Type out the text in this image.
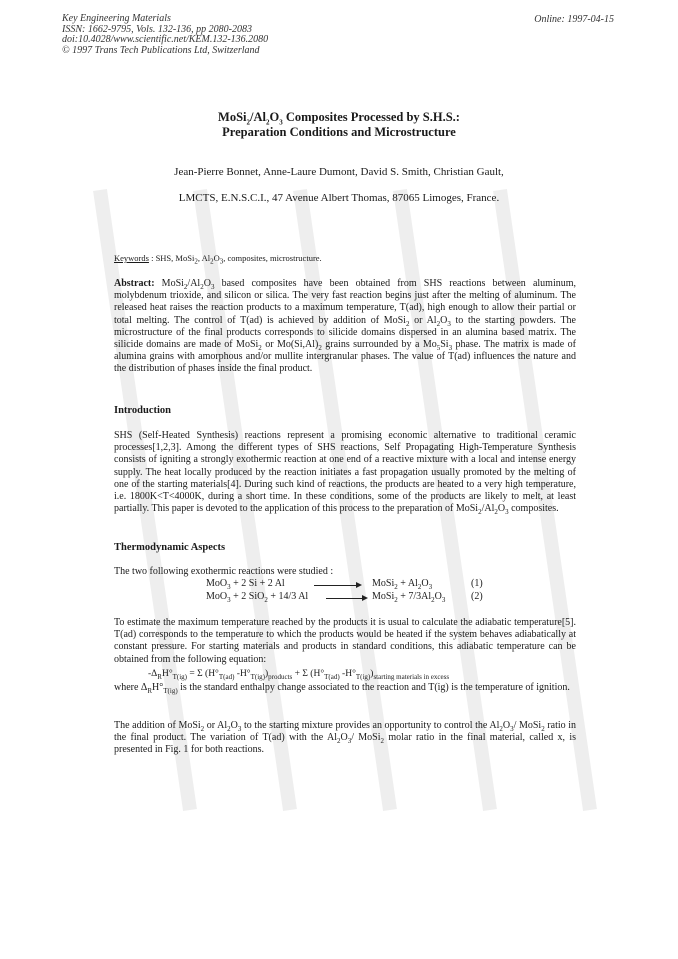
Key Engineering Materials
ISSN: 1662-9795, Vols. 132-136, pp 2080-2083
doi:10.4028/www.scientific.net/KEM.132-136.2080
© 1997 Trans Tech Publications Ltd, Switzerland
Online: 1997-04-15
$MoSi_2/Al_2O_3$ Composites Processed by S.H.S.:
Preparation Conditions and Microstructure
Jean-Pierre Bonnet, Anne-Laure Dumont, David S. Smith, Christian Gault,
LMCTS, E.N.S.C.I., 47 Avenue Albert Thomas, 87065 Limoges, France.
Keywords : SHS, MoSi$_2$, $Al_2O_3$, composites, microstructure.
Abstract: $MoSi_2/Al_2O_3$ based composites have been obtained from SHS reactions between aluminum, molybdenum trioxide, and silicon or silica. The very fast reaction begins just after the melting of aluminum. The released heat raises the reaction products to a maximum temperature, T(ad), high enough to allow their partial or total melting. The control of T(ad) is achieved by addition of MoSi$_2$ or $Al_2O_3$ to the starting powders. The microstructure of the final products corresponds to silicide domains dispersed in an alumina based matrix. The silicide domains are made of MoSi$_2$ or $Mo(Si,Al)_2$ grains surrounded by a $Mo_5Si_3$ phase. The matrix is made of alumina grains with amorphous and/or mullite intergranular phases. The value of T(ad) influences the nature and the distribution of phases inside the final product.
Introduction
SHS (Self-Heated Synthesis) reactions represent a promising economic alternative to traditional ceramic processes[1,2,3]. Among the different types of SHS reactions, Self Propagating High-Temperature Synthesis consists of igniting a strongly exothermic reaction at one end of a reactive mixture with a local and intense energy supply. The heat locally produced by the reaction initiates a fast propagation usually promoted by the melting of one of the starting materials[4]. During such kind of reactions, the products are heated to a very high temperature, i.e. 1800K<T<4000K, during a short time. In these conditions, some of the products are likely to melt, at least partially. This paper is devoted to the application of this process to the preparation of $MoSi_2/Al_2O_3$ composites.
Thermodynamic Aspects
The two following exothermic reactions were studied :
MoO$_3$ + 2 Si + 2 Al → MoSi$_2$ + $Al_2O_3$	(1)
MoO$_3$ + 2 SiO$_2$ + 14/3 Al → MoSi$_2$ + $7/3Al_2O_3$	(2)
To estimate the maximum temperature reached by the products it is usual to calculate the adiabatic temperature[5]. T(ad) corresponds to the temperature to which the products would be heated if the system behaves adiabatically at constant pressure. For starting materials and products in standard conditions, this adiabatic temperature can be obtained from the following equation:
$-\Delta_RH^\circ_{T(ig)} = \Sigma$ ($H^\circ_{T(ad)}$ $-H^\circ_{T(ig)})_{products} + \Sigma$ ($H^\circ_{T(ad)}$ $-H^\circ_{T(ig)})_{starting materials in excess}$
where $\Delta_RH^\circ_{T(ig)}$ is the standard enthalpy change associated to the reaction and T(ig) is the temperature of ignition.
The addition of MoSi$_2$ or $Al_2O_3$ to the starting mixture provides an opportunity to control the $Al_2O_3/$ MoSi$_2$ ratio in the final product. The variation of T(ad) with the $Al_2O_3/$ MoSi$_2$ molar ratio in the final material, called x, is presented in Fig. 1 for both reactions.
